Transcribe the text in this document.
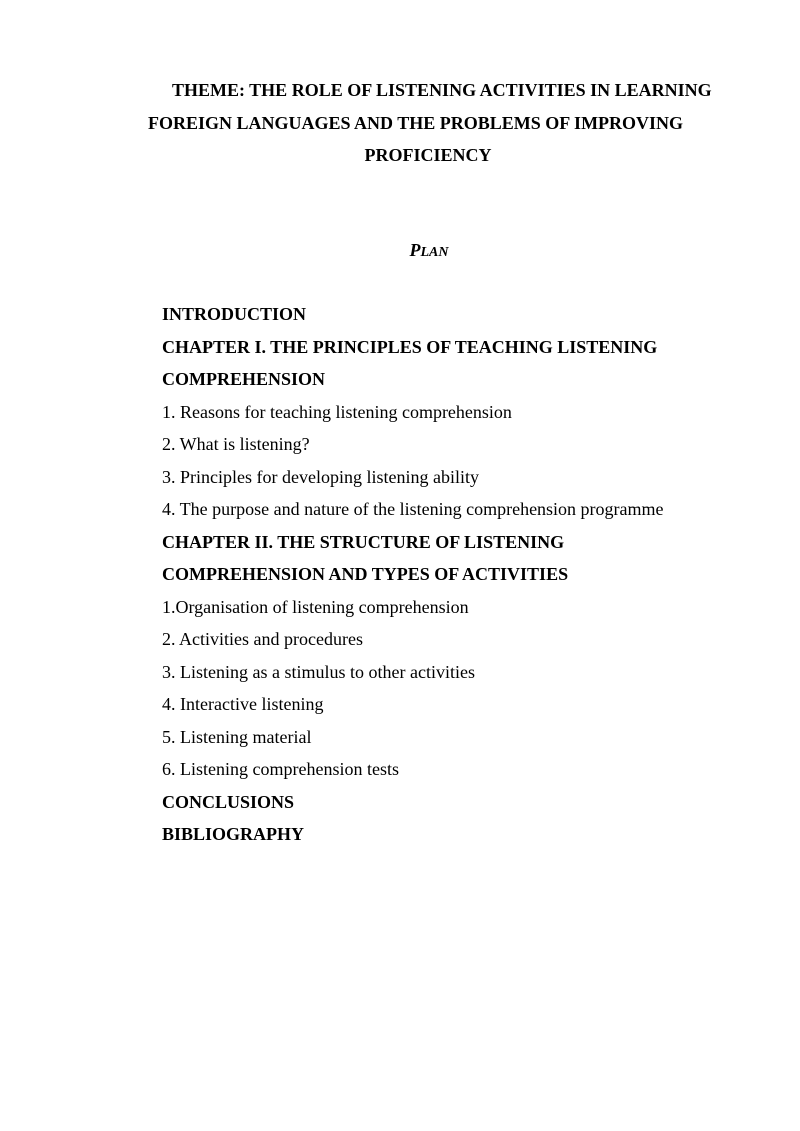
THEME: THE ROLE OF LISTENING ACTIVITIES IN LEARNING
FOREIGN LANGUAGES AND THE PROBLEMS OF IMPROVING
PROFICIENCY
PLAN
INTRODUCTION
CHAPTER I. THE PRINCIPLES OF TEACHING LISTENING
COMPREHENSION
1. Reasons for teaching listening comprehension
2. What is listening?
3. Principles for developing listening ability
4. The purpose and nature of the listening comprehension programme
CHAPTER II. THE STRUCTURE OF LISTENING
COMPREHENSION AND TYPES OF ACTIVITIES
1.Organisation of listening comprehension
2. Activities and procedures
3. Listening as a stimulus to other activities
4. Interactive listening
5. Listening material
6. Listening comprehension tests
CONCLUSIONS
BIBLIOGRAPHY
